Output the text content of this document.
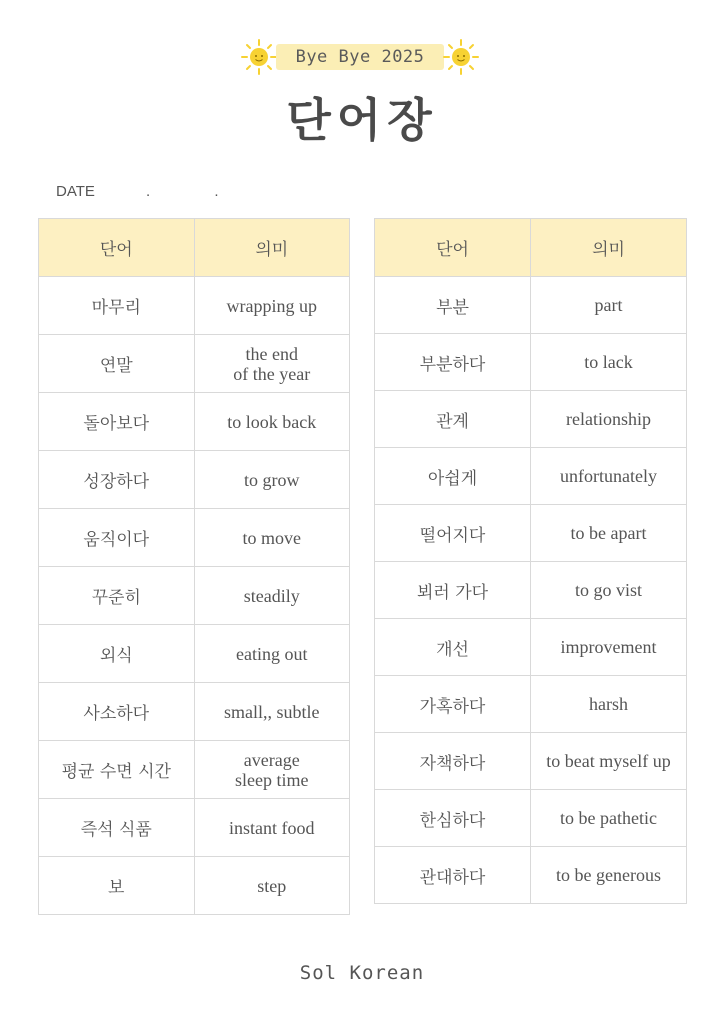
Bye Bye 2025
단어장
DATE	. .
단어	의미
마무리	wrapping up

연말	the end
of the year

돌아보다	to look back

성장하다	to grow

움직이다	to move

꾸준히	steadily

외식	eating out

사소하다	small,, subtle

평균 수면 시간	average
sleep time

즉석 식품	instant food

보	step
단어	의미
부분	part

부분하다	to lack

관계	relationship

아쉽게	unfortunately

떨어지다	to be apart

뵈러 가다	to go vist

개선	improvement

가혹하다	harsh

자책하다	to beat myself up

한심하다	to be pathetic

관대하다	to be generous
Sol Korean
